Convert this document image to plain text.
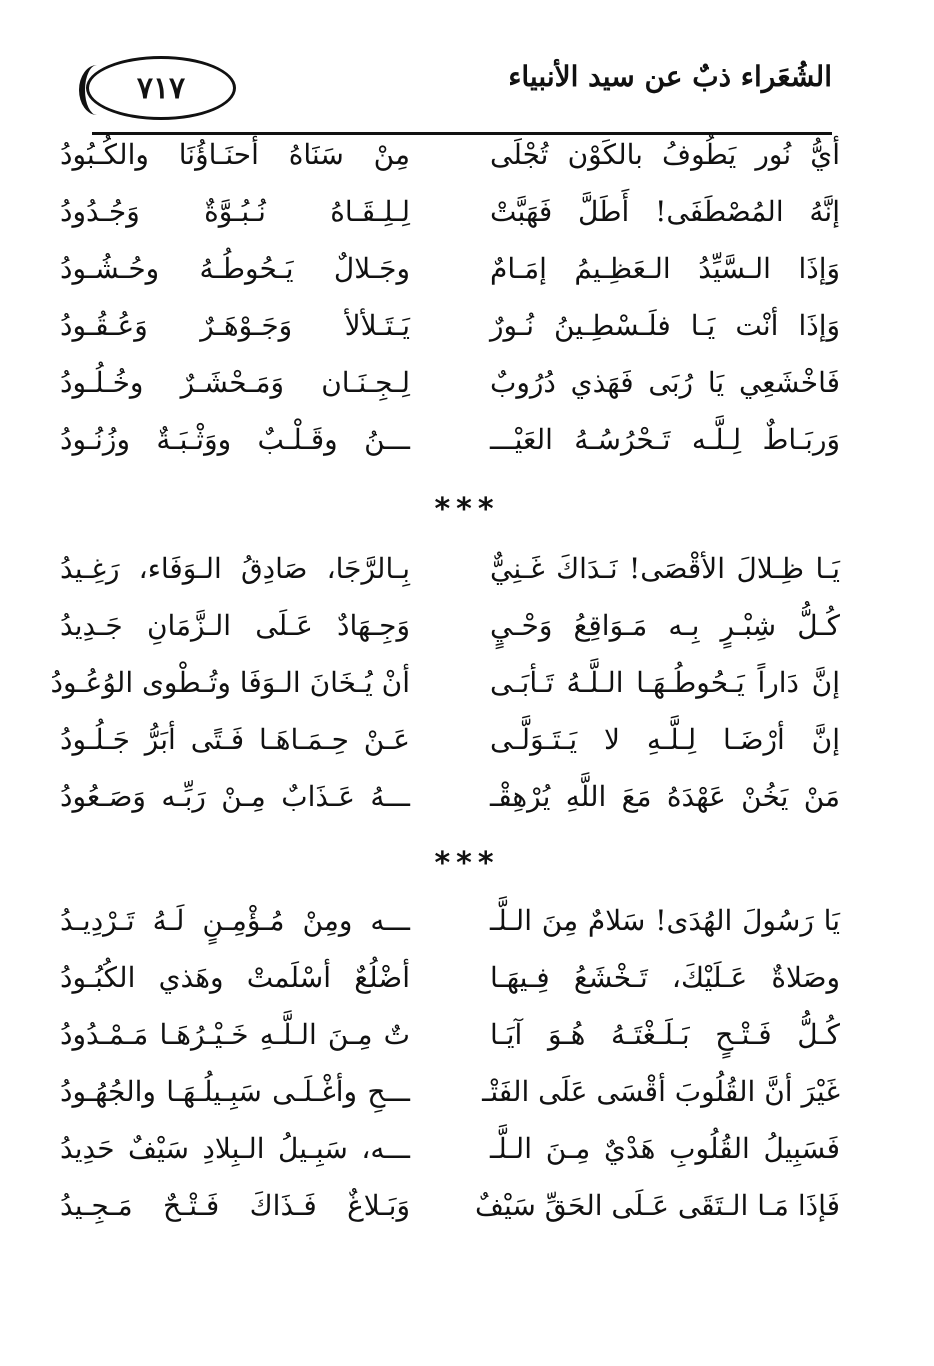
٧١٧	الشُعَراء ذبٌ عن سيد الأنبياء
أيُّ نُور يَطُوفُ بالكَوْن تُجْلَى
مِنْ سَنَاهُ أحنَـاؤُنَا والكُـبُودُ
إنَّهُ المُصْطَفَى! أَطَلَّ فَهَبَّتْ
لِـلِـقَـاهُ نُـبُـوَّةٌ وَجُـدُودُ
وَإذَا الـسَّيِّدُ الـعَظِـيمُ إمَـامٌ
وجَـلالٌ يَـحُوطُـهُ وحُـشُـودُ
وَإذَا أنْت يَـا فلَـسْطِـينُ نُـورٌ
يَـتَـلألأ وَجَـوْهَـرٌ وَعُـقُـودُ
فَاخْشَعِي يَا رُبَى فَهَذي دُرُوبٌ
لِـجِـنَـان وَمَـحْشَـرٌ وخُـلُـودُ
وَربَـاطٌ لِـلَّـه تَـحْرُسُـهُ العَيْـــ
ـــنُ وقَـلْـبٌ ووَثْـبَـةٌ وزُنُـودُ
***
يَـا ظِـلالَ الأقْصَى! نَـدَاكَ غَـنِيٌّ
بِـالرَّجَا، صَادِقُ الـوَفَاء، رَغِـيدُ
كُـلُّ شِبْـرٍ بِـه مَـوَاقِعُ وَحْـيٍ
وَجِـهَادٌ عَـلَى الـزَّمَانِ جَـدِيدُ
إنَّ دَاراً يَـحُوطُـهَـا الـلَّـهُ تَـأبَـى
أنْ يُـخَانَ الـوَفَا وتُـطْوى الوُعُـودُ
إنَّ أرْضَـا لِـلَّـهِ لا يَـتَـوَلَّـى
عَـنْ حِـمَـاهَـا فَـتًى أبَرُّ جَـلُـودُ
مَنْ يَخُنْ عَهْدَهُ مَعَ اللَّهِ يُرْهِقْـ
ـــهُ عَـذَابٌ مِـنْ رَبِّـه وَصَـعُودُ
***
يَا رَسُولَ الهُدَى! سَلامٌ مِنَ الـلَّـ
ـــه ومِنْ مُـؤْمِـنٍ لَـهُ تَـرْدِيـدُ
وصَلاةٌ عَـلَيْكَ، تَـخْشَعُ فِـيهَـا
أضْلُعٌ أسْلَمتْ وهَذي الكُبُـودُ
كُـلُّ فَـتْـحٍ بَـلَـغْتَـهُ هُـوَ آيَـا
تٌ مِـنَ الـلَّـهِ خَـيْـرُهَـا مَـمْـدُودُ
غَيْرَ أنَّ القُلُوبَ أقْسَى عَلَى الفَتْـ
ـــحِ وأغْـلَـى سَبِـيلُـهَـا والجُهُـودُ
فَسَبِيلُ القُلُوبِ هَدْيٌ مِـنَ الـلَّـ
ـــه، سَبِـيلُ الـبِلادِ سَيْفٌ حَدِيدُ
فَإذَا مَـا الـتَقَى عَـلَى الحَقِّ سَيْفٌ
وَبَـلاغٌ فَـذَاكَ فَـتْـحٌ مَـجِـيدُ
